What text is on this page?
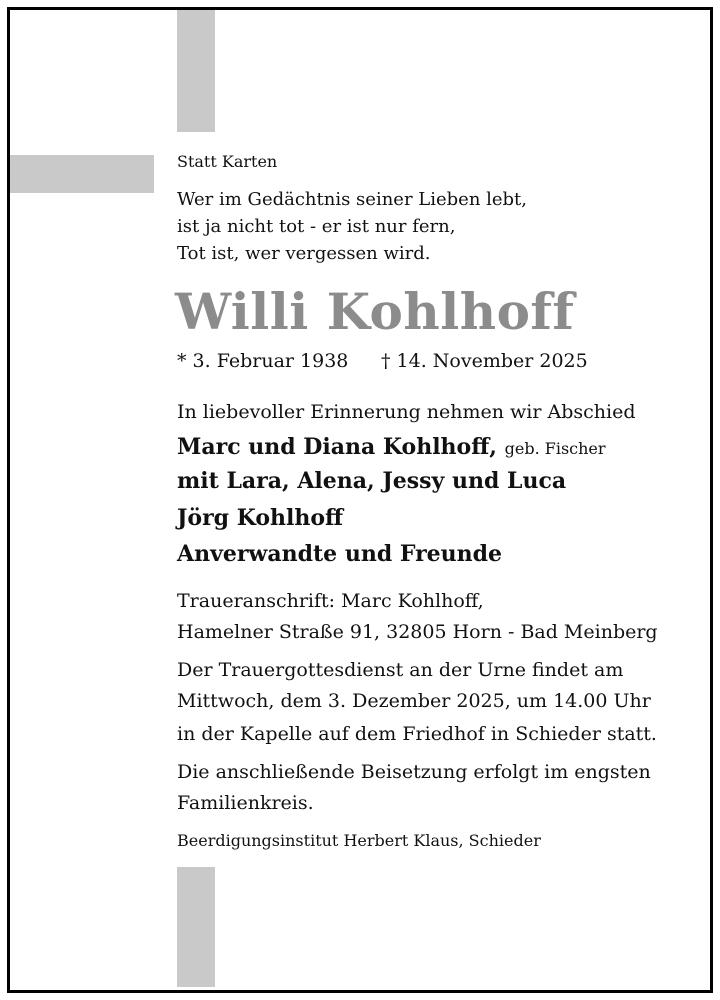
Statt Karten
Wer im Gedächtnis seiner Lieben lebt,
ist ja nicht tot - er ist nur fern,
Tot ist, wer vergessen wird.
Willi Kohlhoff
* 3. Februar 1938 † 14. November 2025
In liebevoller Erinnerung nehmen wir Abschied
Marc und Diana Kohlhoff, geb. Fischer
mit Lara, Alena, Jessy und Luca
Jörg Kohlhoff
Anverwandte und Freunde
Traueranschrift: Marc Kohlhoff,
Hamelner Straße 91, 32805 Horn - Bad Meinberg
Der Trauergottesdienst an der Urne findet am
Mittwoch, dem 3. Dezember 2025, um 14.00 Uhr
in der Kapelle auf dem Friedhof in Schieder statt.
Die anschließende Beisetzung erfolgt im engsten
Familienkreis.
Beerdigungsinstitut Herbert Klaus, Schieder
